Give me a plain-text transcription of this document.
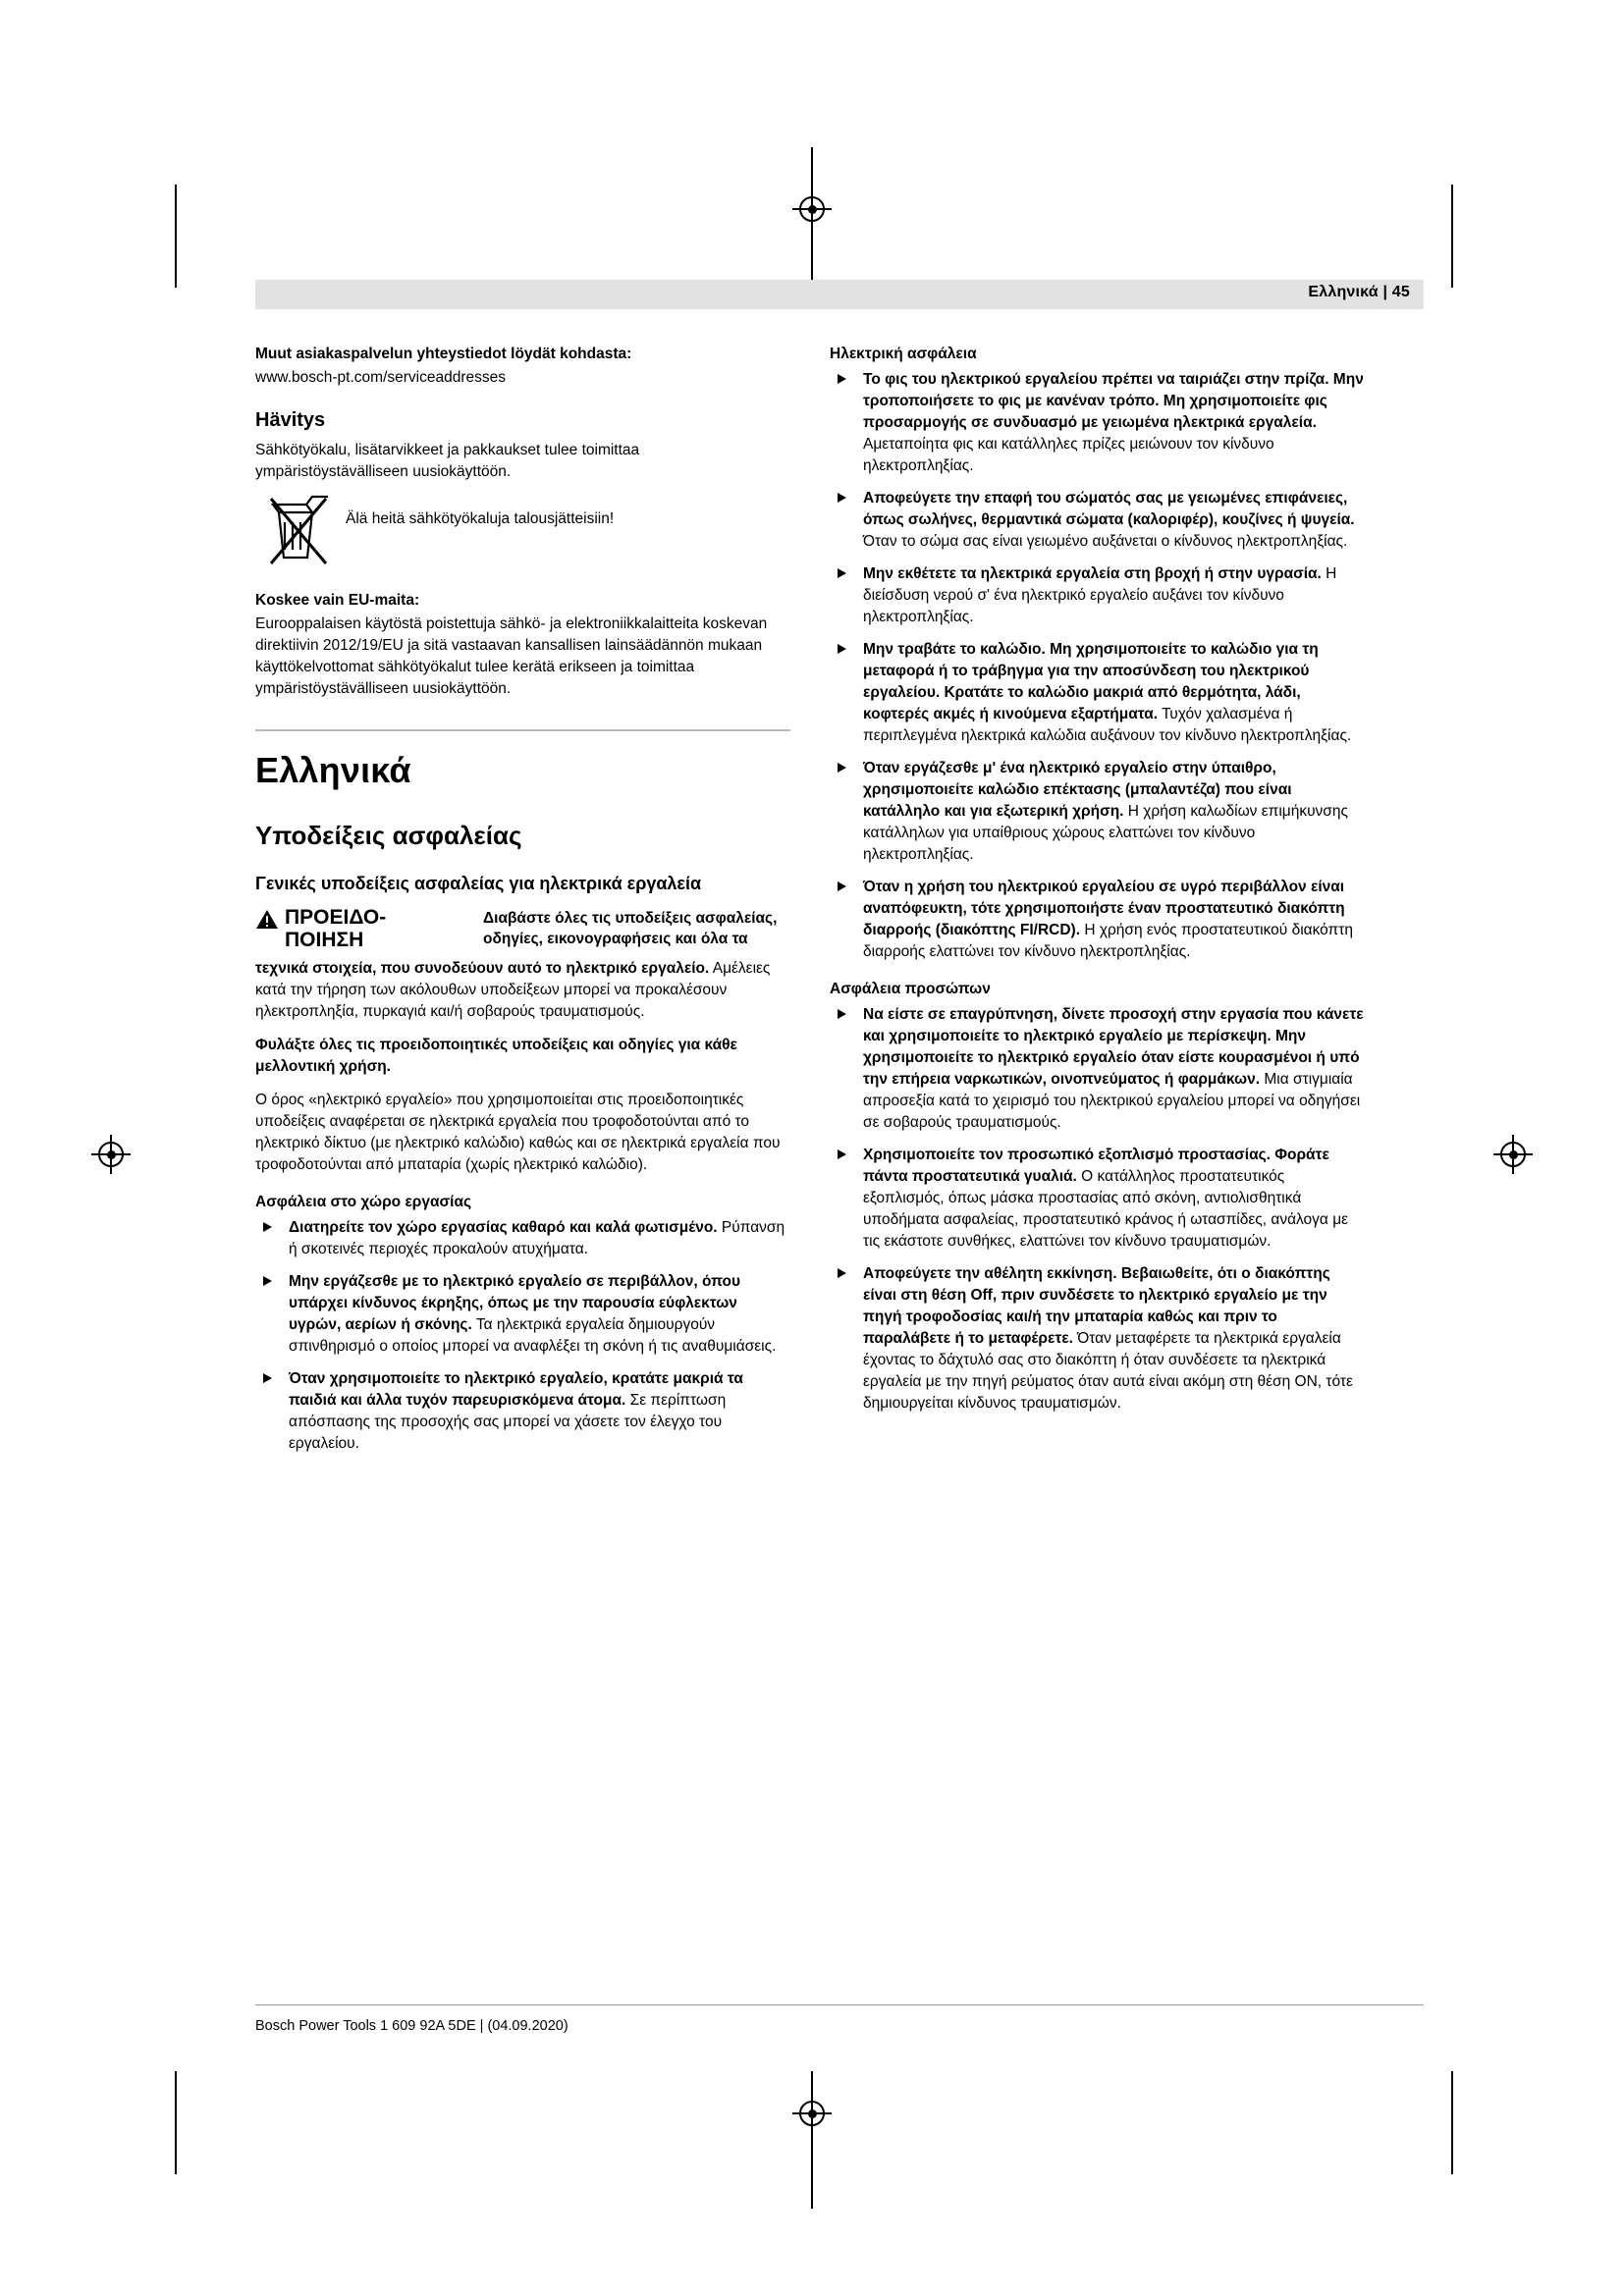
Ελληνικά | 45

Muut asiakaspalvelun yhteystiedot löydät kohdasta:

www.bosch-pt.com/serviceaddresses

Hävitys

Sähkötyökalu, lisätarvikkeet ja pakkaukset tulee toimittaa ympäristöystävälliseen uusiokäyttöön.

Älä heitä sähkötyökaluja talousjätteisiin!

Koskee vain EU-maita:

Eurooppalaisen käytöstä poistettuja sähkö- ja elektroniikkalaitteita koskevan direktiivin 2012/19/EU ja sitä vastaavan kansallisen lainsäädännön mukaan käyttökelvottomat sähkötyökalut tulee kerätä erikseen ja toimittaa ympäristöystävälliseen uusiokäyttöön.

Ελληνικά
Υποδείξεις ασφαλείας
Γενικές υποδείξεις ασφαλείας για ηλεκτρικά εργαλεία
ΠΡΟΕΙΔΟ-
ΠΟΙΗΣΗ
Διαβάστε όλες τις υποδείξεις ασφαλείας, οδηγίες, εικονογραφήσεις και όλα τα

τεχνικά στοιχεία, που συνοδεύουν αυτό το ηλεκτρικό εργαλείο. Αμέλειες κατά την τήρηση των ακόλουθων υποδείξεων μπορεί να προκαλέσουν ηλεκτροπληξία, πυρκαγιά και/ή σοβαρούς τραυματισμούς.

Φυλάξτε όλες τις προειδοποιητικές υποδείξεις και οδηγίες για κάθε μελλοντική χρήση.

Ο όρος «ηλεκτρικό εργαλείο» που χρησιμοποιείται στις προειδοποιητικές υποδείξεις αναφέρεται σε ηλεκτρικά εργαλεία που τροφοδοτούνται από το ηλεκτρικό δίκτυο (με ηλεκτρικό καλώδιο) καθώς και σε ηλεκτρικά εργαλεία που τροφοδοτούνται από μπαταρία (χωρίς ηλεκτρικό καλώδιο).

Ασφάλεια στο χώρο εργασίας
Διατηρείτε τον χώρο εργασίας καθαρό και καλά φωτισμένο. Ρύπανση ή σκοτεινές περιοχές προκαλούν ατυχήματα.
Μην εργάζεσθε με το ηλεκτρικό εργαλείο σε περιβάλλον, όπου υπάρχει κίνδυνος έκρηξης, όπως με την παρουσία εύφλεκτων υγρών, αερίων ή σκόνης. Τα ηλεκτρικά εργαλεία δημιουργούν σπινθηρισμό ο οποίος μπορεί να αναφλέξει τη σκόνη ή τις αναθυμιάσεις.
Όταν χρησιμοποιείτε το ηλεκτρικό εργαλείο, κρατάτε μακριά τα παιδιά και άλλα τυχόν παρευρισκόμενα άτομα. Σε περίπτωση απόσπασης της προσοχής σας μπορεί να χάσετε τον έλεγχο του εργαλείου.
Ηλεκτρική ασφάλεια
Το φις του ηλεκτρικού εργαλείου πρέπει να ταιριάζει στην πρίζα. Μην τροποποιήσετε το φις με κανέναν τρόπο. Μη χρησιμοποιείτε φις προσαρμογής σε συνδυασμό με γειωμένα ηλεκτρικά εργαλεία. Αμεταποίητα φις και κατάλληλες πρίζες μειώνουν τον κίνδυνο ηλεκτροπληξίας.
Αποφεύγετε την επαφή του σώματός σας με γειωμένες επιφάνειες, όπως σωλήνες, θερμαντικά σώματα (καλοριφέρ), κουζίνες ή ψυγεία. Όταν το σώμα σας είναι γειωμένο αυξάνεται ο κίνδυνος ηλεκτροπληξίας.
Μην εκθέτετε τα ηλεκτρικά εργαλεία στη βροχή ή στην υγρασία. Η διείσδυση νερού σ' ένα ηλεκτρικό εργαλείο αυξάνει τον κίνδυνο ηλεκτροπληξίας.
Μην τραβάτε το καλώδιο. Μη χρησιμοποιείτε το καλώδιο για τη μεταφορά ή το τράβηγμα για την αποσύνδεση του ηλεκτρικού εργαλείου. Κρατάτε το καλώδιο μακριά από θερμότητα, λάδι, κοφτερές ακμές ή κινούμενα εξαρτήματα. Τυχόν χαλασμένα ή περιπλεγμένα ηλεκτρικά καλώδια αυξάνουν τον κίνδυνο ηλεκτροπληξίας.
Όταν εργάζεσθε μ' ένα ηλεκτρικό εργαλείο στην ύπαιθρο, χρησιμοποιείτε καλώδιο επέκτασης (μπαλαντέζα) που είναι κατάλληλο και για εξωτερική χρήση. Η χρήση καλωδίων επιμήκυνσης κατάλληλων για υπαίθριους χώρους ελαττώνει τον κίνδυνο ηλεκτροπληξίας.
Όταν η χρήση του ηλεκτρικού εργαλείου σε υγρό περιβάλλον είναι αναπόφευκτη, τότε χρησιμοποιήστε έναν προστατευτικό διακόπτη διαρροής (διακόπτης FI/RCD). Η χρήση ενός προστατευτικού διακόπτη διαρροής ελαττώνει τον κίνδυνο ηλεκτροπληξίας.
Ασφάλεια προσώπων
Να είστε σε επαγρύπνηση, δίνετε προσοχή στην εργασία που κάνετε και χρησιμοποιείτε το ηλεκτρικό εργαλείο με περίσκεψη. Μην χρησιμοποιείτε το ηλεκτρικό εργαλείο όταν είστε κουρασμένοι ή υπό την επήρεια ναρκωτικών, οινοπνεύματος ή φαρμάκων. Μια στιγμιαία απροσεξία κατά το χειρισμό του ηλεκτρικού εργαλείου μπορεί να οδηγήσει σε σοβαρούς τραυματισμούς.
Χρησιμοποιείτε τον προσωπικό εξοπλισμό προστασίας. Φοράτε πάντα προστατευτικά γυαλιά. Ο κατάλληλος προστατευτικός εξοπλισμός, όπως μάσκα προστασίας από σκόνη, αντιολισθητικά υποδήματα ασφαλείας, προστατευτικό κράνος ή ωτασπίδες, ανάλογα με τις εκάστοτε συνθήκες, ελαττώνει τον κίνδυνο τραυματισμών.
Αποφεύγετε την αθέλητη εκκίνηση. Βεβαιωθείτε, ότι ο διακόπτης είναι στη θέση Off, πριν συνδέσετε το ηλεκτρικό εργαλείο με την πηγή τροφοδοσίας και/ή την μπαταρία καθώς και πριν το παραλάβετε ή το μεταφέρετε. Όταν μεταφέρετε τα ηλεκτρικά εργαλεία έχοντας το δάχτυλό σας στο διακόπτη ή όταν συνδέσετε τα ηλεκτρικά εργαλεία με την πηγή ρεύματος όταν αυτά είναι ακόμη στη θέση ON, τότε δημιουργείται κίνδυνος τραυματισμών.
Bosch Power Tools 1 609 92A 5DE | (04.09.2020)
